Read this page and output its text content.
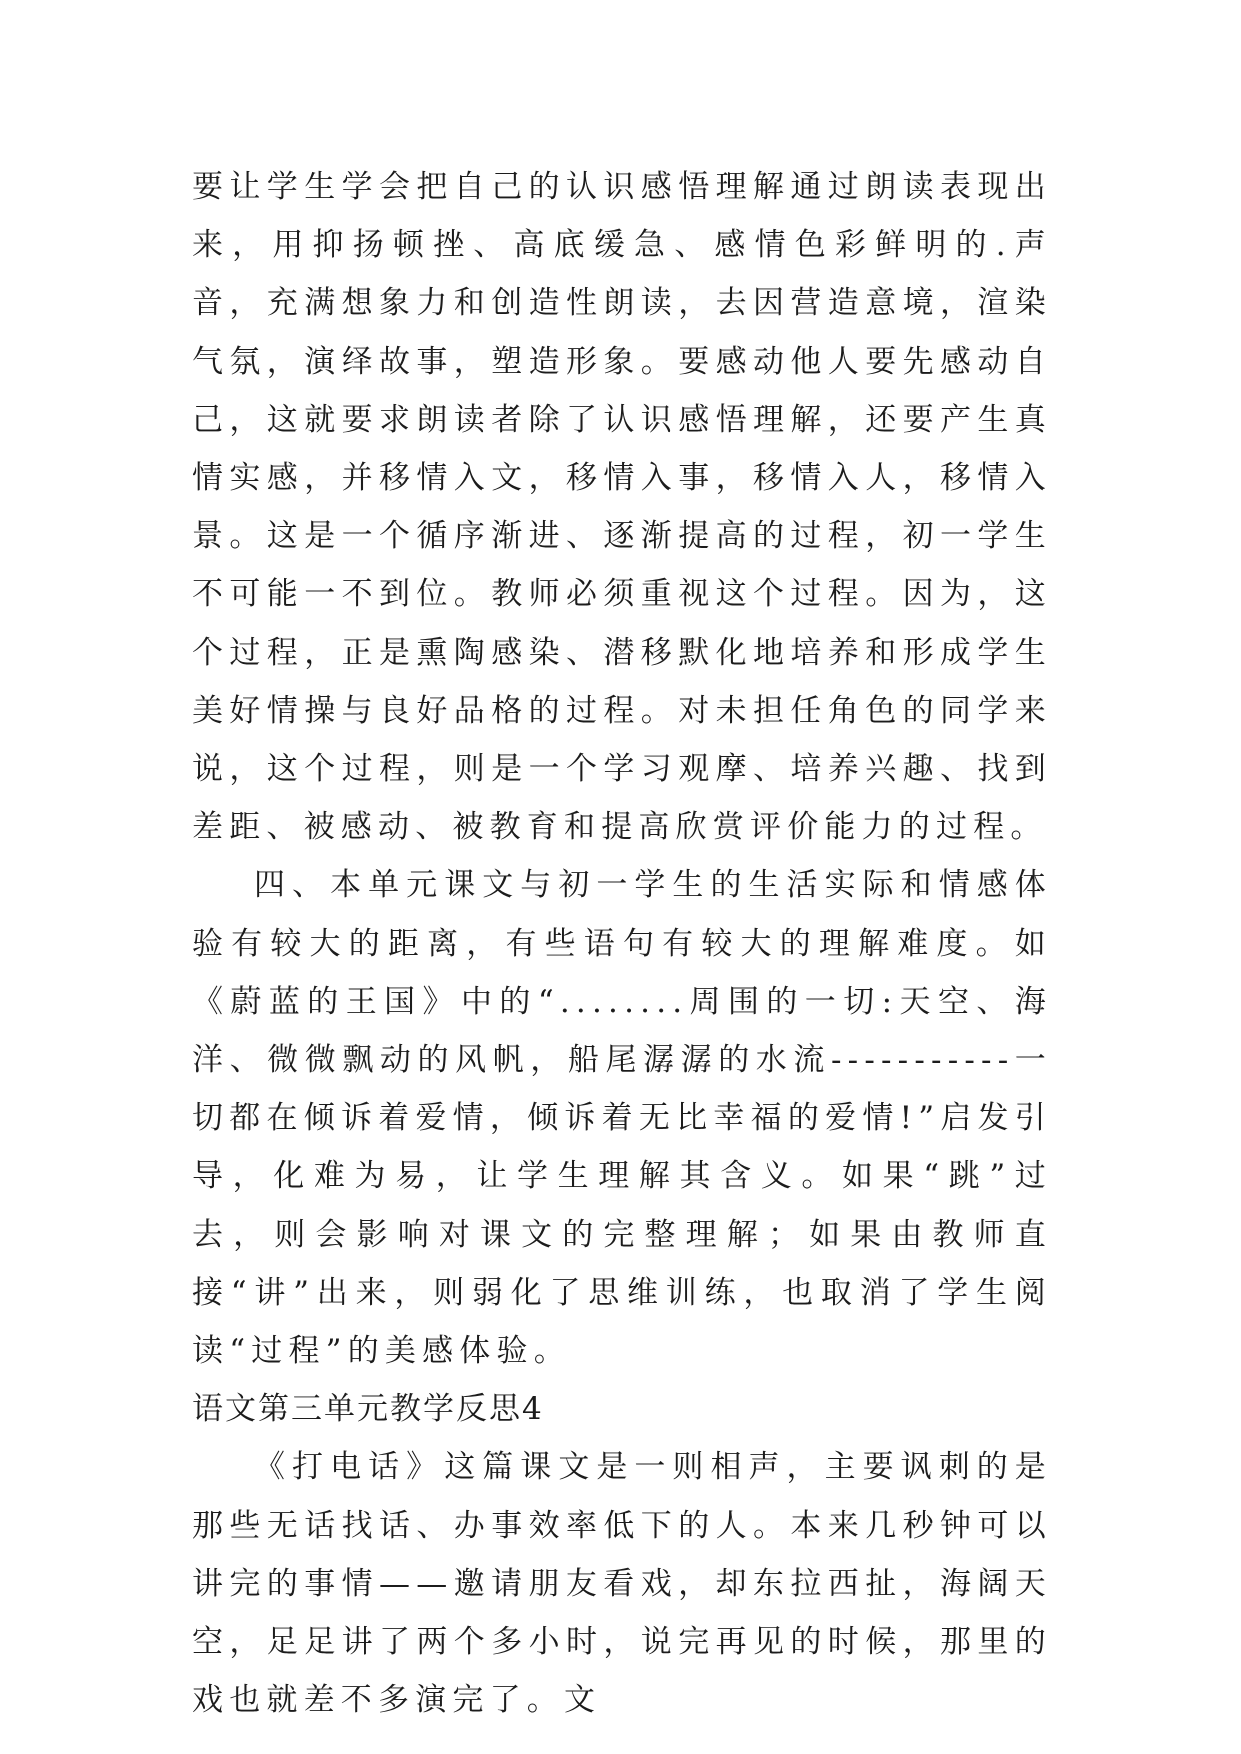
要让学生学会把自己的认识感悟理解通过朗读表现出来，用抑扬顿挫、高底缓急、感情色彩鲜明的.声音，充满想象力和创造性朗读，去因营造意境，渲染气氛，演绎故事，塑造形象。要感动他人要先感动自己，这就要求朗读者除了认识感悟理解，还要产生真情实感，并移情入文，移情入事，移情入人，移情入景。这是一个循序渐进、逐渐提高的过程，初一学生不可能一不到位。教师必须重视这个过程。因为，这个过程，正是熏陶感染、潜移默化地培养和形成学生美好情操与良好品格的过程。对未担任角色的同学来说，这个过程，则是一个学习观摩、培养兴趣、找到差距、被感动、被教育和提高欣赏评价能力的过程。

四、本单元课文与初一学生的生活实际和情感体验有较大的距离，有些语句有较大的理解难度。如《蔚蓝的王国》中的“........周围的一切:天空、海洋、微微飘动的风帆，船尾潺潺的水流-----------一切都在倾诉着爱情，倾诉着无比幸福的爱情!”启发引导，化难为易，让学生理解其含义。如果“跳”过去，则会影响对课文的完整理解；如果由教师直接“讲”出来，则弱化了思维训练，也取消了学生阅读“过程”的美感体验。

语文第三单元教学反思4

《打电话》这篇课文是一则相声，主要讽刺的是那些无话找话、办事效率低下的人。本来几秒钟可以讲完的事情——邀请朋友看戏，却东拉西扯，海阔天空，足足讲了两个多小时，说完再见的时候，那里的戏也就差不多演完了。文
